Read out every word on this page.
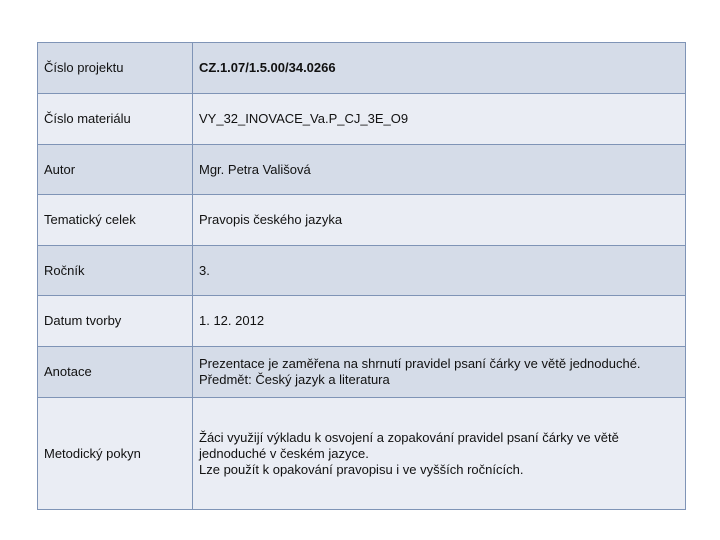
Číslo projektu	CZ.1.07/1.5.00/34.0266
Číslo materiálu	VY_32_INOVACE_Va.P_CJ_3E_O9
Autor	Mgr. Petra Vališová
Tematický celek	Pravopis českého jazyka
Ročník	3.
Datum tvorby	1. 12. 2012
Anotace	Prezentace je zaměřena na shrnutí pravidel psaní čárky ve větě jednoduché.
Předmět: Český jazyk a literatura

Metodický pokyn	Žáci využijí výkladu k osvojení a zopakování pravidel psaní čárky ve větě jednoduché v českém jazyce.
Lze použít k opakování pravopisu i ve vyšších ročnících.
